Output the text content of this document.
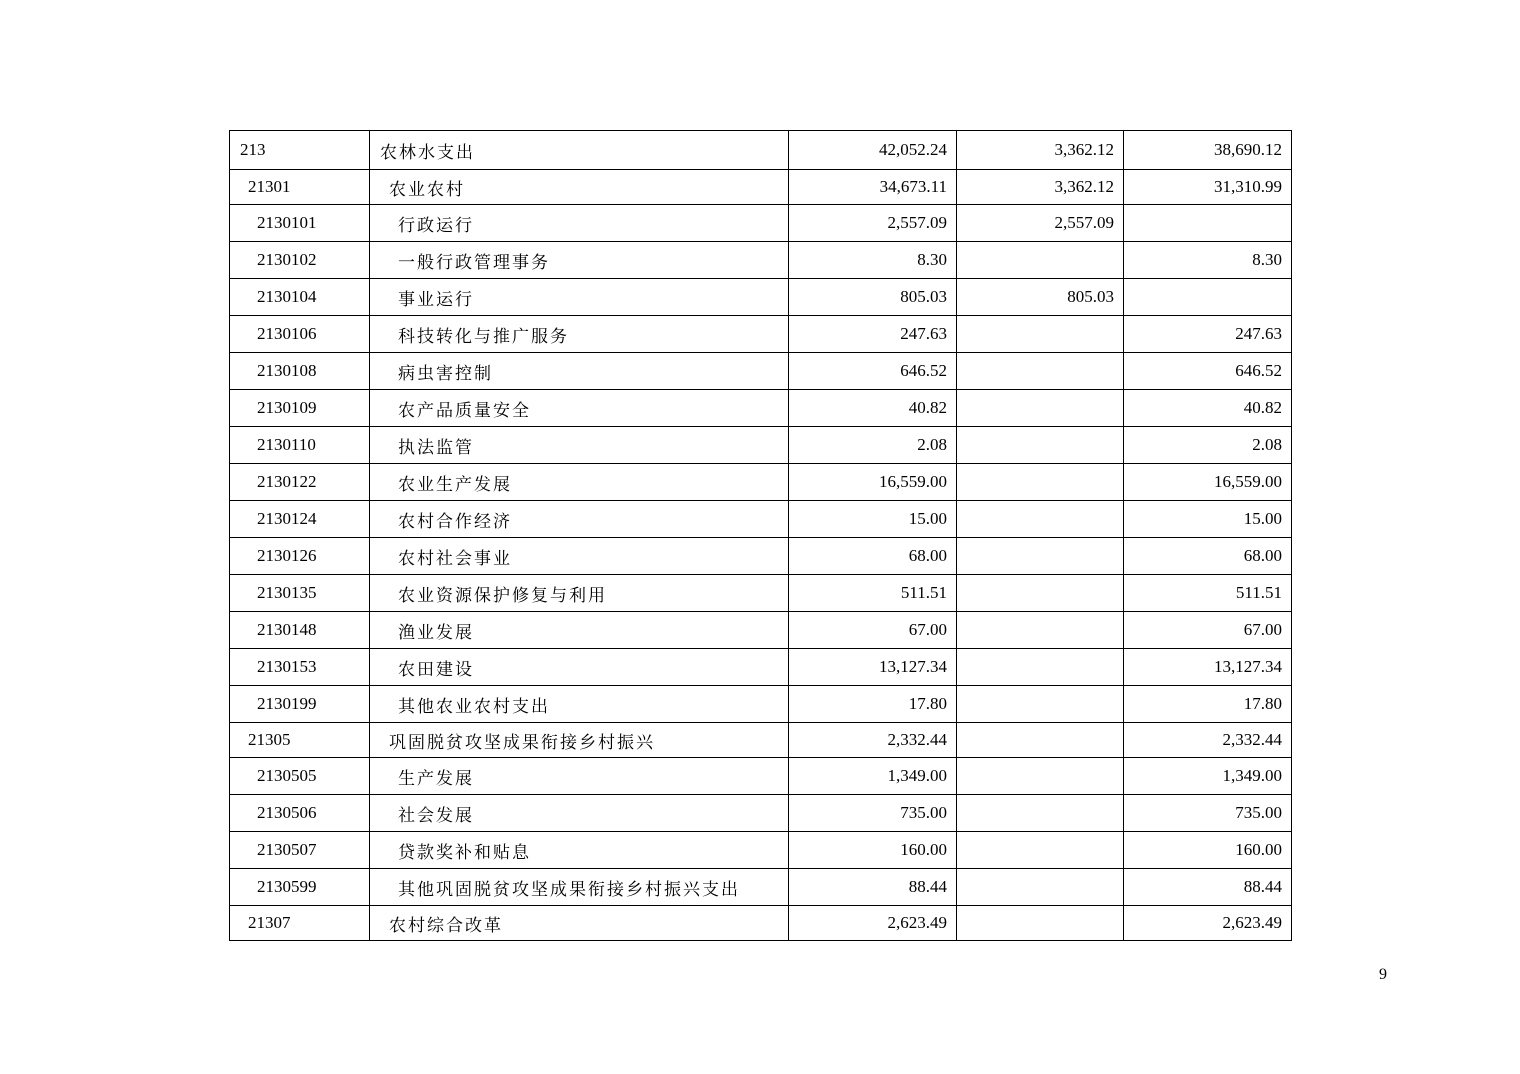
213	农林水支出	42,052.24	3,362.12	38,690.12
21301	农业农村	34,673.11	3,362.12	31,310.99
2130101	行政运行	2,557.09	2,557.09	
2130102	一般行政管理事务	8.30		8.30
2130104	事业运行	805.03	805.03	
2130106	科技转化与推广服务	247.63		247.63
2130108	病虫害控制	646.52		646.52
2130109	农产品质量安全	40.82		40.82
2130110	执法监管	2.08		2.08
2130122	农业生产发展	16,559.00		16,559.00
2130124	农村合作经济	15.00		15.00
2130126	农村社会事业	68.00		68.00
2130135	农业资源保护修复与利用	511.51		511.51
2130148	渔业发展	67.00		67.00
2130153	农田建设	13,127.34		13,127.34
2130199	其他农业农村支出	17.80		17.80
21305	巩固脱贫攻坚成果衔接乡村振兴	2,332.44		2,332.44
2130505	生产发展	1,349.00		1,349.00
2130506	社会发展	735.00		735.00
2130507	贷款奖补和贴息	160.00		160.00
2130599	其他巩固脱贫攻坚成果衔接乡村振兴支出	88.44		88.44
21307	农村综合改革	2,623.49		2,623.49
9
